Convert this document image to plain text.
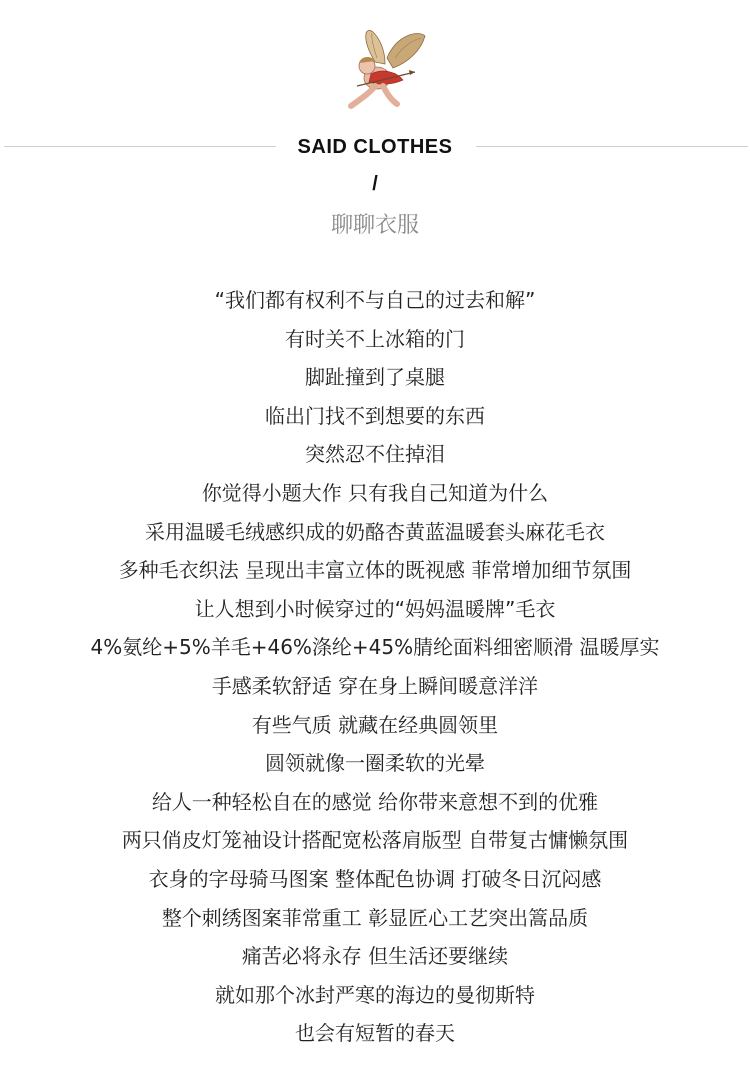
SAID CLOTHES
/
聊聊衣服
“我们都有权利不与自己的过去和解”
有时关不上冰箱的门
脚趾撞到了桌腿
临出门找不到想要的东西
突然忍不住掉泪
你觉得小题大作 只有我自己知道为什么
采用温暖毛绒感织成的奶酪杏黄蓝温暖套头麻花毛衣
多种毛衣织法 呈现出丰富立体的既视感 菲常增加细节氛围
让人想到小时候穿过的“妈妈温暖牌”毛衣
4%氨纶+5%羊毛+46%涤纶+45%腈纶面料细密顺滑 温暖厚实
手感柔软舒适 穿在身上瞬间暖意洋洋
有些气质 就藏在经典圆领里
圆领就像一圈柔软的光晕
给人一种轻松自在的感觉 给你带来意想不到的优雅
两只俏皮灯笼袖设计搭配宽松落肩版型 自带复古慵懒氛围
衣身的字母骑马图案 整体配色协调 打破冬日沉闷感
整个刺绣图案菲常重工 彰显匠心工艺突出篙品质
痛苦必将永存 但生活还要继续
就如那个冰封严寒的海边的曼彻斯特
也会有短暂的春天
